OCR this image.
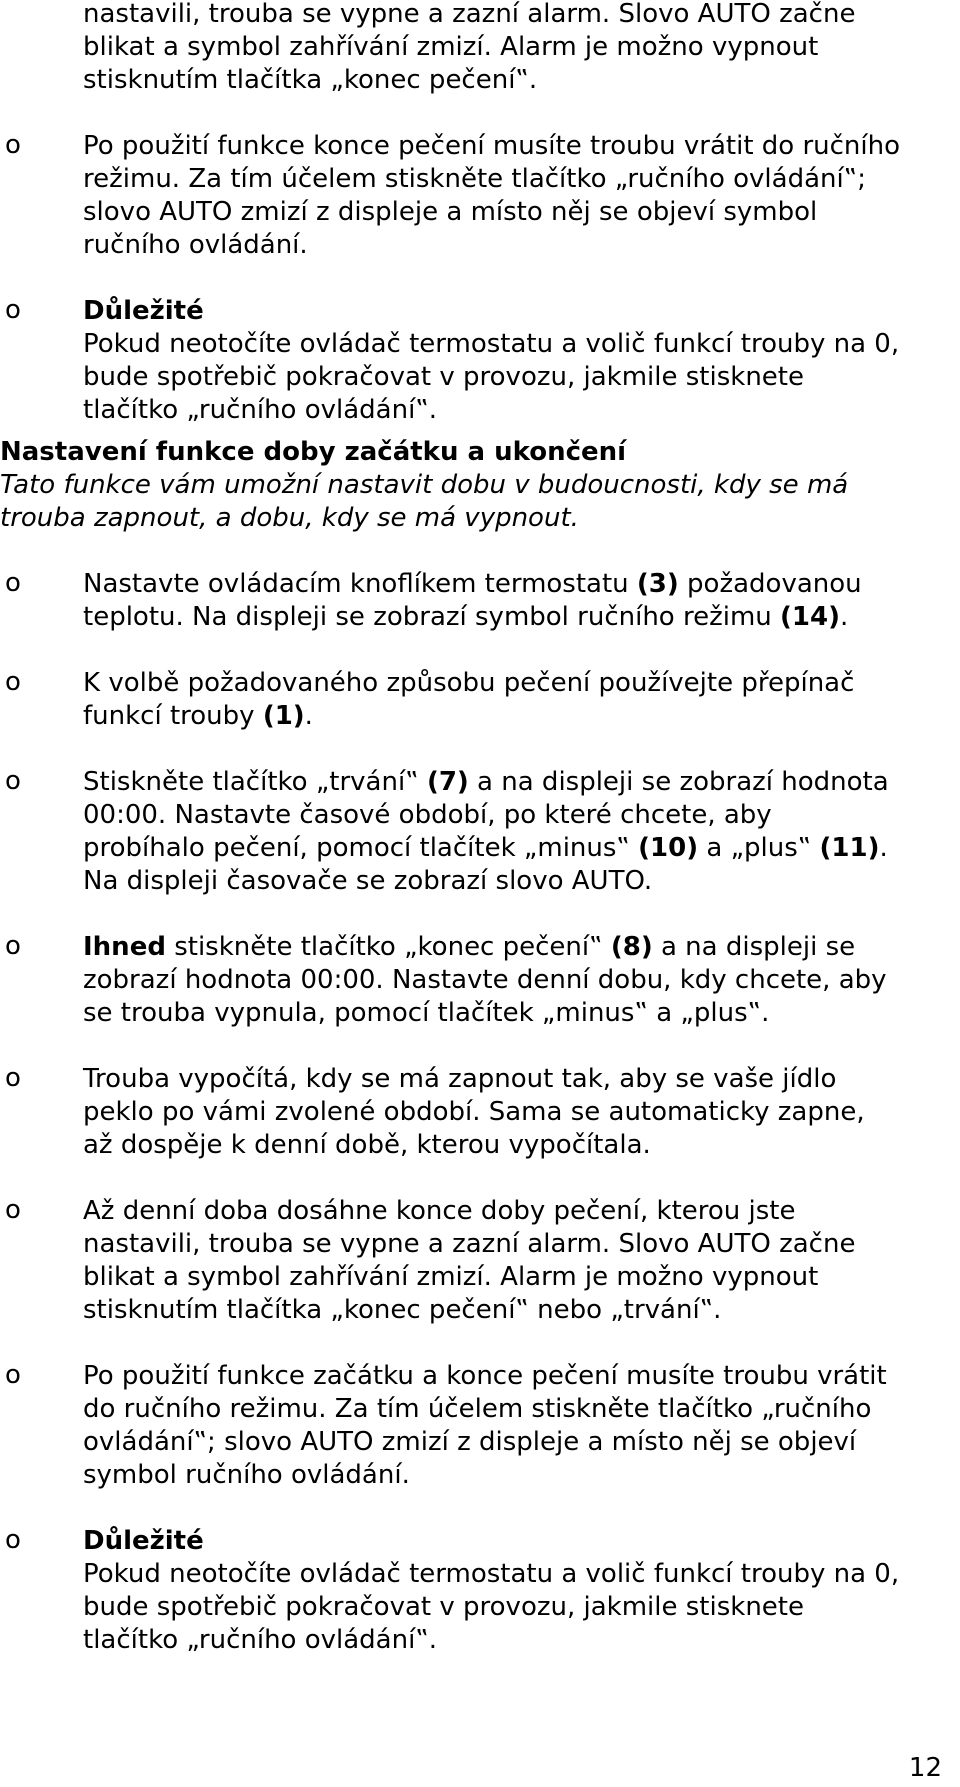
nastavili, trouba se vypne a zazní alarm. Slovo AUTO začne
blikat a symbol zahřívání zmizí. Alarm je možno vypnout
stisknutím tlačítka „konec pečení‟.
o	Po použití funkce konce pečení musíte troubu vrátit do ručního
režimu. Za tím účelem stiskněte tlačítko „ručního ovládání‟;
slovo AUTO zmizí z displeje a místo něj se objeví symbol
ručního ovládání.
o	Důležité
Pokud neotočíte ovládač termostatu a volič funkcí trouby na 0,
bude spotřebič pokračovat v provozu, jakmile stisknete
tlačítko „ručního ovládání‟.
Nastavení funkce doby začátku a ukončení
Tato funkce vám umožní nastavit dobu v budoucnosti, kdy se má
trouba zapnout, a dobu, kdy se má vypnout.
o	Nastavte ovládacím knoflíkem termostatu (3) požadovanou
teplotu. Na displeji se zobrazí symbol ručního režimu (14).
o	K volbě požadovaného způsobu pečení používejte přepínač
funkcí trouby (1).
o	Stiskněte tlačítko „trvání‟ (7) a na displeji se zobrazí hodnota
00:00. Nastavte časové období, po které chcete, aby
probíhalo pečení, pomocí tlačítek „minus‟ (10) a „plus‟ (11).
Na displeji časovače se zobrazí slovo AUTO.
o	Ihned stiskněte tlačítko „konec pečení‟ (8) a na displeji se
zobrazí hodnota 00:00. Nastavte denní dobu, kdy chcete, aby
se trouba vypnula, pomocí tlačítek „minus‟ a „plus‟.
o	Trouba vypočítá, kdy se má zapnout tak, aby se vaše jídlo
peklo po vámi zvolené období. Sama se automaticky zapne,
až dospěje k denní době, kterou vypočítala.
o	Až denní doba dosáhne konce doby pečení, kterou jste
nastavili, trouba se vypne a zazní alarm. Slovo AUTO začne
blikat a symbol zahřívání zmizí. Alarm je možno vypnout
stisknutím tlačítka „konec pečení‟ nebo „trvání‟.
o	Po použití funkce začátku a konce pečení musíte troubu vrátit
do ručního režimu. Za tím účelem stiskněte tlačítko „ručního
ovládání‟; slovo AUTO zmizí z displeje a místo něj se objeví
symbol ručního ovládání.
o	Důležité
Pokud neotočíte ovládač termostatu a volič funkcí trouby na 0,
bude spotřebič pokračovat v provozu, jakmile stisknete
tlačítko „ručního ovládání‟.
12
